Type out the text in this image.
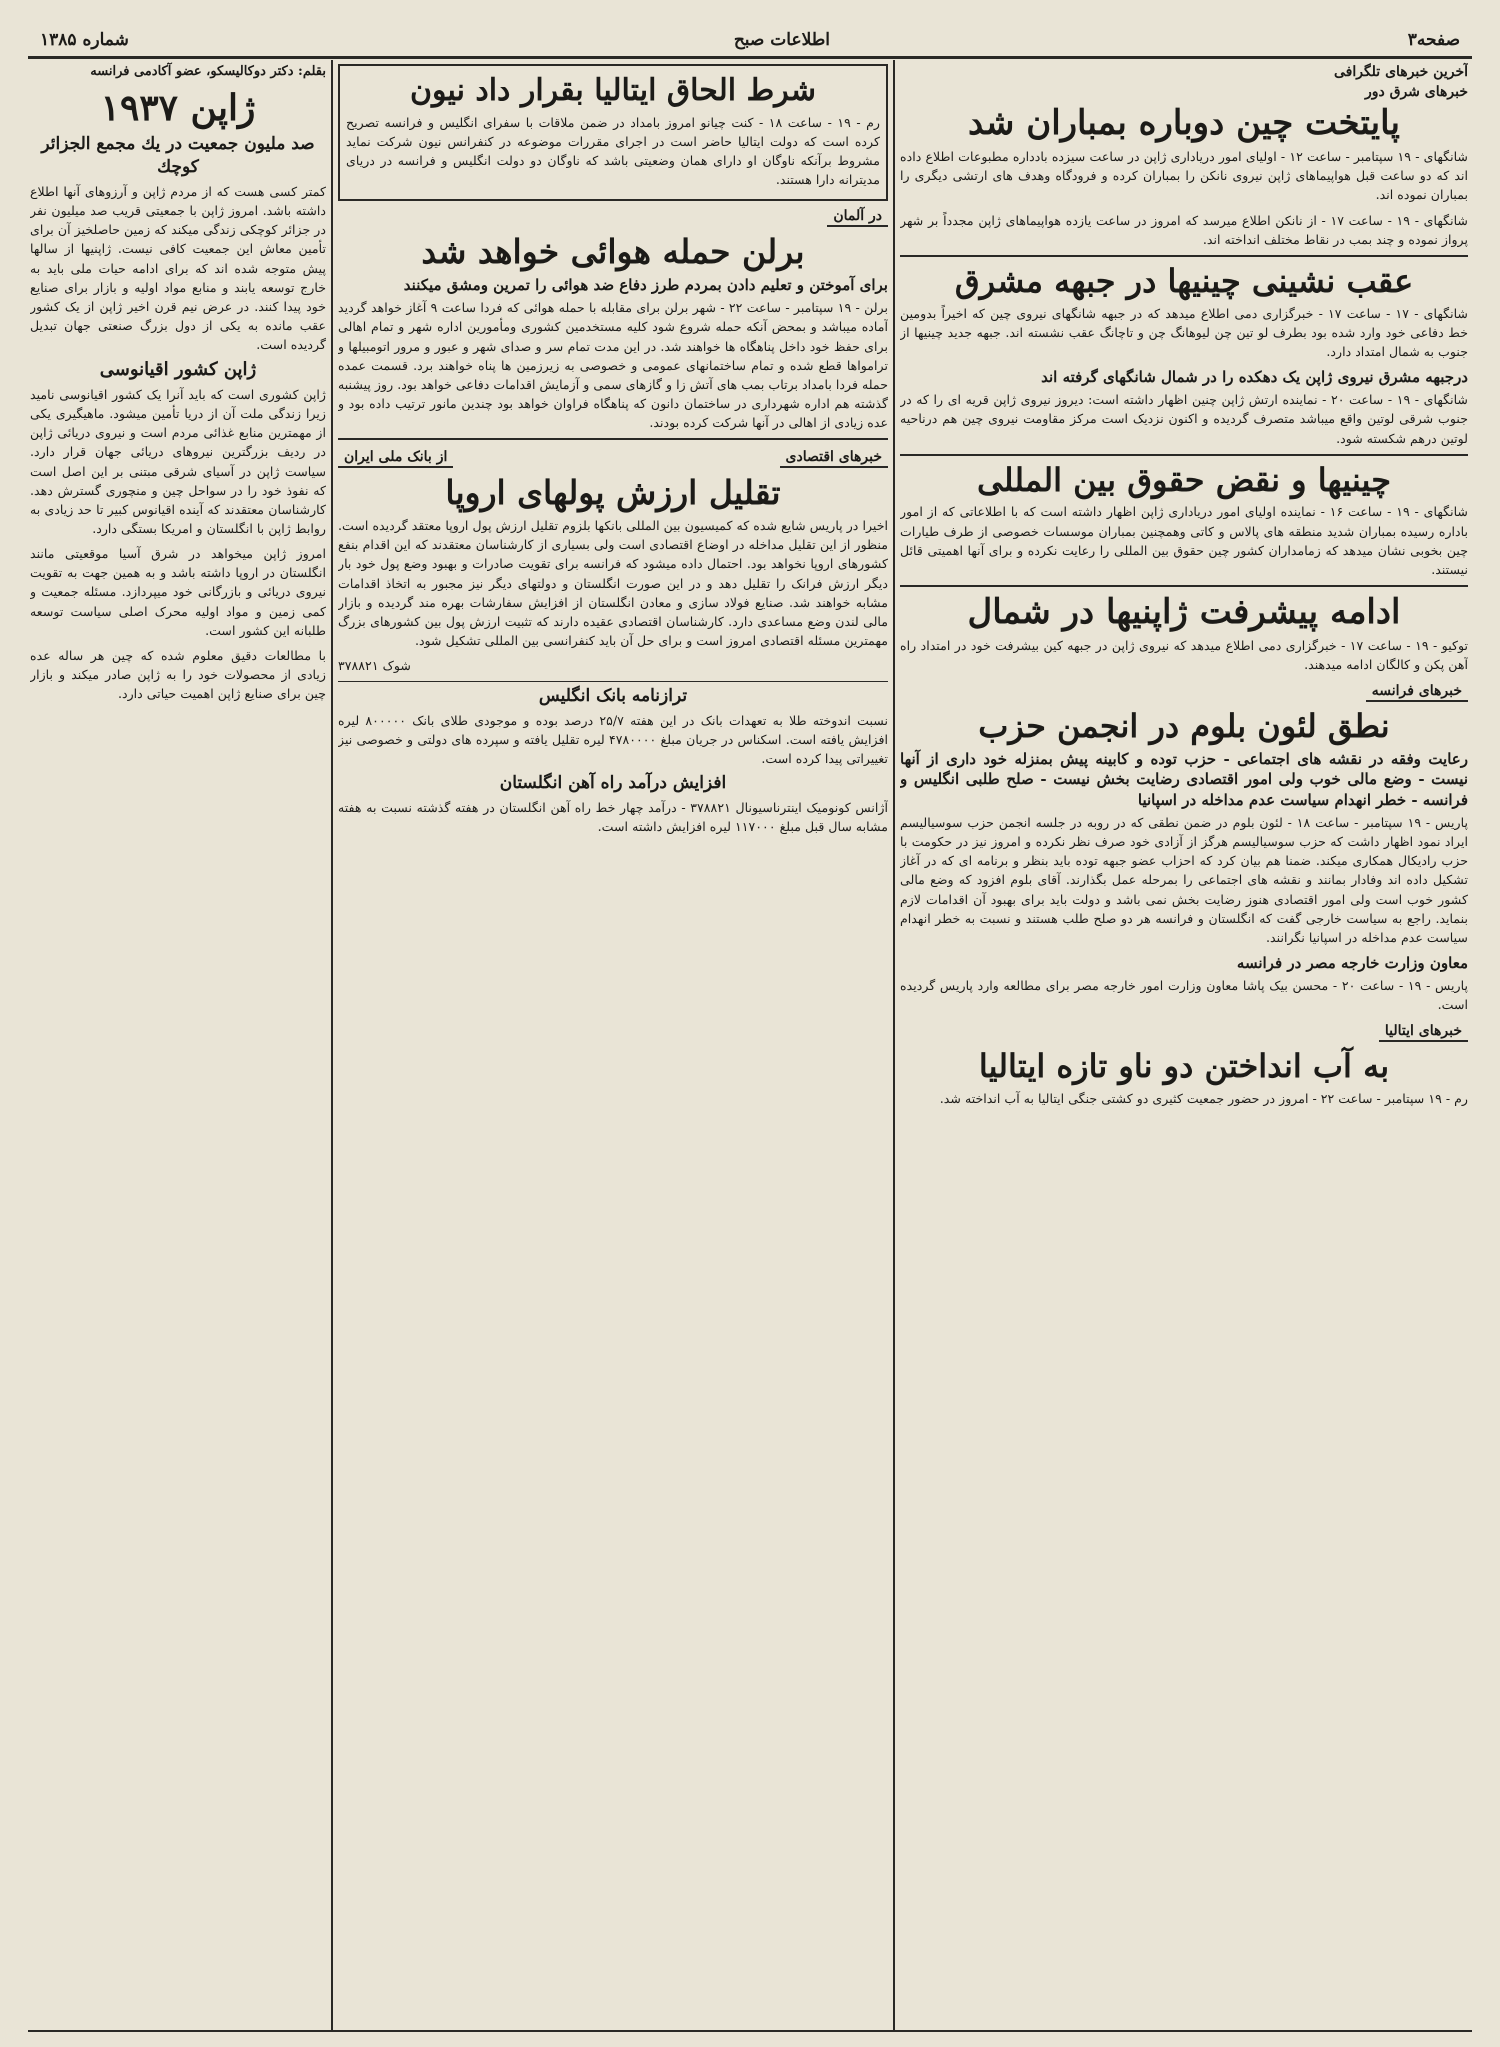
صفحه۳
اطلاعات صبح
شماره ۱۳۸۵
آخرین خبرهای تلگرافی
خبرهای شرق دور
پایتخت چین دوباره بمباران شد
شانگهای - ۱۹ سپتامبر - ساعت ۱۲ - اولیای امور دریاداری ژاپن در ساعت سیزده بادداره مطبوعات اطلاع داده اند که دو ساعت قبل هواپیماهای ژاپن نیروی نانکن را بمباران کرده و فرودگاه وهدف های ارتشی دیگری را بمباران نموده اند.
شانگهای - ۱۹ - ساعت ۱۷ - از نانکن اطلاع میرسد که امروز در ساعت یازده هواپیماهای ژاپن مجدداً بر شهر پرواز نموده و چند بمب در نقاط مختلف انداخته اند.
عقب نشینی چینیها در جبهه مشرق
شانگهای - ۱۷ - ساعت ۱۷ - خبرگزاری دمی اطلاع میدهد که در جبهه شانگهای نیروی چین که اخیراً بدومین خط دفاعی خود وارد شده بود بطرف لو تین چن لیوهانگ چن و تاچانگ عقب نشسته اند. جبهه جدید چینیها از جنوب به شمال امتداد دارد.
درجبهه مشرق نیروی ژاپن یک دهکده را در شمال شانگهای گرفته اند
شانگهای - ۱۹ - ساعت ۲۰ - نماینده ارتش ژاپن چنین اظهار داشته است: دیروز نیروی ژاپن قریه ای را که در جنوب شرقی لوتین واقع میباشد متصرف گردیده و اکنون نزدیک است مرکز مقاومت نیروی چین هم درناحیه لوتین درهم شکسته شود.
چینیها و نقض حقوق بین المللی
شانگهای - ۱۹ - ساعت ۱۶ - نماینده اولیای امور دریاداری ژاپن اظهار داشته است که با اطلاعاتی که از امور باداره رسیده بمباران شدید منطقه های پالاس و کاتی وهمچنین بمباران موسسات خصوصی از طرف طیارات چین بخوبی نشان میدهد که زمامداران کشور چین حقوق بین المللی را رعایت نکرده و برای آنها اهمیتی قائل نیستند.
ادامه پیشرفت ژاپنیها در شمال
توکیو - ۱۹ - ساعت ۱۷ - خبرگزاری دمی اطلاع میدهد که نیروی ژاپن در جبهه کین بیشرفت خود در امتداد راه آهن پکن و کالگان ادامه میدهند.
خبرهای فرانسه
نطق لئون بلوم در انجمن حزب
رعایت وفقه در نقشه های اجتماعی - حزب توده و کابینه پیش بمنزله خود داری از آنها نیست - وضع مالی خوب ولی امور اقتصادی رضایت بخش نیست - صلح طلبی انگلیس و فرانسه - خطر انهدام سیاست عدم مداخله در اسپانیا
پاریس - ۱۹ سپتامبر - ساعت ۱۸ - لئون بلوم در ضمن نطقی که در روبه در جلسه انجمن حزب سوسیالیسم ایراد نمود اظهار داشت که حزب سوسیالیسم هرگز از آزادی خود صرف نظر نکرده و امروز نیز در حکومت با حزب رادیکال همکاری میکند. ضمنا هم بیان کرد که احزاب عضو جبهه توده باید بنظر و برنامه ای که در آغاز تشکیل داده اند وفادار بمانند و نقشه های اجتماعی را بمرحله عمل بگذارند. آقای بلوم افزود که وضع مالی کشور خوب است ولی امور اقتصادی هنوز رضایت بخش نمی باشد و دولت باید برای بهبود آن اقدامات لازم بنماید. راجع به سیاست خارجی گفت که انگلستان و فرانسه هر دو صلح طلب هستند و نسبت به خطر انهدام سیاست عدم مداخله در اسپانیا نگرانند.
معاون وزارت خارجه مصر در فرانسه
پاریس - ۱۹ - ساعت ۲۰ - محسن بیک پاشا معاون وزارت امور خارجه مصر برای مطالعه وارد پاریس گردیده است.
خبرهای ایتالیا
به آب انداختن دو ناو تازه ایتالیا
رم - ۱۹ سپتامبر - ساعت ۲۲ - امروز در حضور جمعیت کثیری دو کشتی جنگی ایتالیا به آب انداخته شد.
شرط الحاق ایتالیا بقرار داد نیون
رم - ۱۹ - ساعت ۱۸ - کنت چیانو امروز بامداد در ضمن ملاقات با سفرای انگلیس و فرانسه تصریح کرده است که دولت ایتالیا حاضر است در اجرای مقررات موضوعه در کنفرانس نیون شرکت نماید مشروط برآنکه ناوگان او دارای همان وضعیتی باشد که ناوگان دو دولت انگلیس و فرانسه در دریای مدیترانه دارا هستند.
در آلمان
برلن حمله هوائی خواهد شد
برای آموختن و تعلیم دادن بمردم طرز دفاع ضد هوائی را تمرین ومشق میکنند
برلن - ۱۹ سپتامبر - ساعت ۲۲ - شهر برلن برای مقابله با حمله هوائی که فردا ساعت ۹ آغاز خواهد گردید آماده میباشد و بمحض آنکه حمله شروع شود کلیه مستخدمین کشوری ومأمورین اداره شهر و تمام اهالی برای حفظ خود داخل پناهگاه ها خواهند شد. در این مدت تمام سر و صدای شهر و عبور و مرور اتومبیلها و ترامواها قطع شده و تمام ساختمانهای عمومی و خصوصی به زیرزمین ها پناه خواهند برد. قسمت عمده حمله فردا بامداد برتاب بمب های آتش زا و گازهای سمی و آزمایش اقدامات دفاعی خواهد بود. روز پیشنبه گذشته هم اداره شهرداری در ساختمان دانون که پناهگاه فراوان خواهد بود چندین مانور ترتیب داده بود و عده زیادی از اهالی در آنها شرکت کرده بودند.
خبرهای اقتصادی
از بانک ملی ایران
تقلیل ارزش پولهای اروپا
اخیرا در پاریس شایع شده که کمیسیون بین المللی بانکها بلزوم تقلیل ارزش پول اروپا معتقد گردیده است. منظور از این تقلیل مداخله در اوضاع اقتصادی است ولی بسیاری از کارشناسان معتقدند که این اقدام بنفع کشورهای اروپا نخواهد بود. احتمال داده میشود که فرانسه برای تقویت صادرات و بهبود وضع پول خود بار دیگر ارزش فرانک را تقلیل دهد و در این صورت انگلستان و دولتهای دیگر نیز مجبور به اتخاذ اقدامات مشابه خواهند شد. صنایع فولاد سازی و معادن انگلستان از افزایش سفارشات بهره مند گردیده و بازار مالی لندن وضع مساعدی دارد. کارشناسان اقتصادی عقیده دارند که تثبیت ارزش پول بین کشورهای بزرگ مهمترین مسئله اقتصادی امروز است و برای حل آن باید کنفرانسی بین المللی تشکیل شود.
شوک ۳۷۸۸۲۱
ترازنامه بانک انگلیس
نسبت اندوخته طلا به تعهدات بانک در این هفته ۲۵/۷ درصد بوده و موجودی طلای بانک ۸۰۰۰۰۰ لیره افزایش یافته است. اسکناس در جریان مبلغ ۴۷۸۰۰۰۰ لیره تقلیل یافته و سپرده های دولتی و خصوصی نیز تغییراتی پیدا کرده است.
افزایش درآمد راه آهن انگلستان
آژانس کونومیک اینترناسیونال ۳۷۸۸۲۱ - درآمد چهار خط راه آهن انگلستان در هفته گذشته نسبت به هفته مشابه سال قبل مبلغ ۱۱۷۰۰۰ لیره افزایش داشته است.
بقلم: دکتر دوکالیسکو، عضو آکادمی فرانسه
ژاپن ۱۹۳۷
صد ملیون جمعیت در یك مجمع الجزائر کوچك
کمتر کسی هست که از مردم ژاپن و آرزوهای آنها اطلاع داشته باشد. امروز ژاپن با جمعیتی قریب صد میلیون نفر در جزائر کوچکی زندگی میکند که زمین حاصلخیز آن برای تأمین معاش این جمعیت کافی نیست. ژاپنیها از سالها پیش متوجه شده اند که برای ادامه حیات ملی باید به خارج توسعه یابند و منابع مواد اولیه و بازار برای صنایع خود پیدا کنند. در عرض نیم قرن اخیر ژاپن از یک کشور عقب مانده به یکی از دول بزرگ صنعتی جهان تبدیل گردیده است.
ژاپن کشور اقیانوسی
ژاپن کشوری است که باید آنرا یک کشور اقیانوسی نامید زیرا زندگی ملت آن از دریا تأمین میشود. ماهیگیری یکی از مهمترین منابع غذائی مردم است و نیروی دریائی ژاپن در ردیف بزرگترین نیروهای دریائی جهان قرار دارد. سیاست ژاپن در آسیای شرقی مبتنی بر این اصل است که نفوذ خود را در سواحل چین و منچوری گسترش دهد. کارشناسان معتقدند که آینده اقیانوس کبیر تا حد زیادی به روابط ژاپن با انگلستان و امریکا بستگی دارد.
امروز ژاپن میخواهد در شرق آسیا موقعیتی مانند انگلستان در اروپا داشته باشد و به همین جهت به تقویت نیروی دریائی و بازرگانی خود میپردازد. مسئله جمعیت و کمی زمین و مواد اولیه محرک اصلی سیاست توسعه طلبانه این کشور است.
با مطالعات دقیق معلوم شده که چین هر ساله عده زیادی از محصولات خود را به ژاپن صادر میکند و بازار چین برای صنایع ژاپن اهمیت حیاتی دارد.
